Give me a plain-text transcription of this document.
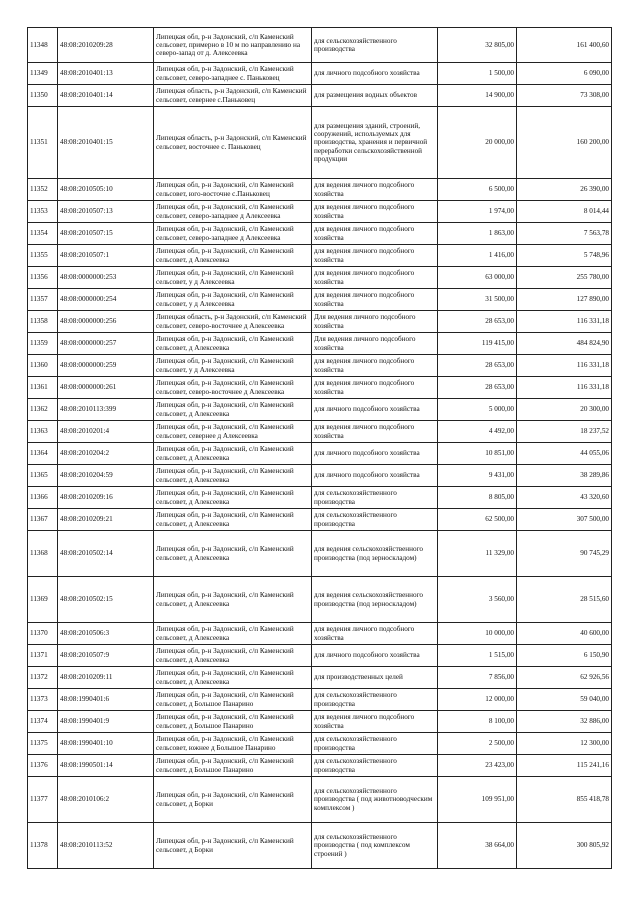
11348	48:08:2010209:28	Липецкая обл, р-н Задонский, с/п Каменский сельсовет, примерно в 10 м по направлению на северо-запад от д. Алексеевка	для сельскохозяйственного производства	32 805,00	161 400,60
11349	48:08:2010401:13	Липецкая обл, р-н Задонский, с/п Каменский сельсовет, северо-западнее с. Паньковец	для личного подсобного хозяйства	1 500,00	6 090,00
11350	48:08:2010401:14	Липецкая область, р-н Задонский, с/п Каменский сельсовет, севернее с.Паньковец	для размещения водных объектов	14 900,00	73 308,00
11351	48:08:2010401:15	Липецкая область, р-н Задонский, с/п Каменский сельсовет, восточнее с. Паньковец	для размещения зданий, строений, сооружений, используемых для производства, хранения и первичной переработки сельскохозяйственной продукции	20 000,00	160 200,00
11352	48:08:2010505:10	Липецкая обл, р-н Задонский, с/п Каменский сельсовет, юго-восточне с.Паньковец	для ведения личного подсобного хозяйства	6 500,00	26 390,00
11353	48:08:2010507:13	Липецкая обл, р-н Задонский, с/п Каменский сельсовет, северо-западнее д Алексеевка	для ведения личного подсобного хозяйства	1 974,00	8 014,44
11354	48:08:2010507:15	Липецкая обл, р-н Задонский, с/п Каменский сельсовет, северо-западнее д Алексеевка	для ведения личного подсобного хозяйства	1 863,00	7 563,78
11355	48:08:2010507:1	Липецкая обл, р-н Задонский, с/п Каменский сельсовет, д Алексеевка	для ведения личного подсобного хозяйства	1 416,00	5 748,96
11356	48:08:0000000:253	Липецкая обл, р-н Задонский, с/п Каменский сельсовет, у д Алексеевка	для ведения личного подсобного хозяйства	63 000,00	255 780,00
11357	48:08:0000000:254	Липецкая обл, р-н Задонский, с/п Каменский сельсовет, у д Алексеевка	для ведения личного подсобного хозяйства	31 500,00	127 890,00
11358	48:08:0000000:256	Липецкая область, р-н Задонский, с/п Каменский сельсовет, северо-восточнее д Алексеевка	Для ведения личного подсобного хозяйства	28 653,00	116 331,18
11359	48:08:0000000:257	Липецкая обл, р-н Задонский, с/п Каменский сельсовет, д Алексеевка	Для ведения личного подсобного хозяйства	119 415,00	484 824,90
11360	48:08:0000000:259	Липецкая обл, р-н Задонский, с/п Каменский сельсовет, у д Алексеевка	для ведения личного подсобного хозяйства	28 653,00	116 331,18
11361	48:08:0000000:261	Липецкая обл, р-н Задонский, с/п Каменский сельсовет, северо-восточнее д Алексеевка	для ведения личного подсобного хозяйства	28 653,00	116 331,18
11362	48:08:2010113:399	Липецкая обл, р-н Задонский, с/п Каменский сельсовет, д Алексеевка	для личного подсобного хозяйства	5 000,00	20 300,00
11363	48:08:2010201:4	Липецкая обл, р-н Задонский, с/п Каменский сельсовет, севернее д Алексеевка	для ведения личного подсобного хозяйства	4 492,00	18 237,52
11364	48:08:2010204:2	Липецкая обл, р-н Задонский, с/п Каменский сельсовет, д Алексеевка	для личного подсобного хозяйства	10 851,00	44 055,06
11365	48:08:2010204:59	Липецкая обл, р-н Задонский, с/п Каменский сельсовет, д Алексеевка	для личного подсобного хозяйства	9 431,00	38 289,86
11366	48:08:2010209:16	Липецкая обл, р-н Задонский, с/п Каменский сельсовет, д Алексеевка	для сельскохозяйственного производства	8 805,00	43 320,60
11367	48:08:2010209:21	Липецкая обл, р-н Задонский, с/п Каменский сельсовет, д Алексеевка	для сельскохозяйственного производства	62 500,00	307 500,00
11368	48:08:2010502:14	Липецкая обл, р-н Задонский, с/п Каменский сельсовет, д Алексеевка	для ведения сельскохозяйственного производства (под зерноскладом)	11 329,00	90 745,29
11369	48:08:2010502:15	Липецкая обл, р-н Задонский, с/п Каменский сельсовет, д Алексеевка	для ведения сельскохозяйственного производства (под зерноскладом)	3 560,00	28 515,60
11370	48:08:2010506:3	Липецкая обл, р-н Задонский, с/п Каменский сельсовет, д Алексеевка	для ведения личного подсобного хозяйства	10 000,00	40 600,00
11371	48:08:2010507:9	Липецкая обл, р-н Задонский, с/п Каменский сельсовет, д Алексеевка	для личного подсобного хозяйства	1 515,00	6 150,90
11372	48:08:2010209:11	Липецкая обл, р-н Задонский, с/п Каменский сельсовет, д Алексеевка	для производственных целей	7 856,00	62 926,56
11373	48:08:1990401:6	Липецкая обл, р-н Задонский, с/п Каменский сельсовет, д Большое Панарино	для сельскохозяйственного производства	12 000,00	59 040,00
11374	48:08:1990401:9	Липецкая обл, р-н Задонский, с/п Каменский сельсовет, д Большое Панарино	для ведения личного подсобного хозяйства	8 100,00	32 886,00
11375	48:08:1990401:10	Липецкая обл, р-н Задонский, с/п Каменский сельсовет, южнее д Большое Панарино	для сельскохозяйственного производства	2 500,00	12 300,00
11376	48:08:1990501:14	Липецкая обл, р-н Задонский, с/п Каменский сельсовет, д Большое Панарино	для сельскохозяйственного производства	23 423,00	115 241,16
11377	48:08:2010106:2	Липецкая обл, р-н Задонский, с/п Каменский сельсовет, д Борки	для сельскохозяйственного производства ( под животноводческим комплексом )	109 951,00	855 418,78
11378	48:08:2010113:52	Липецкая обл, р-н Задонский, с/п Каменский сельсовет, д Борки	для сельскохозяйственного производства ( под комплексом строений )	38 664,00	300 805,92
